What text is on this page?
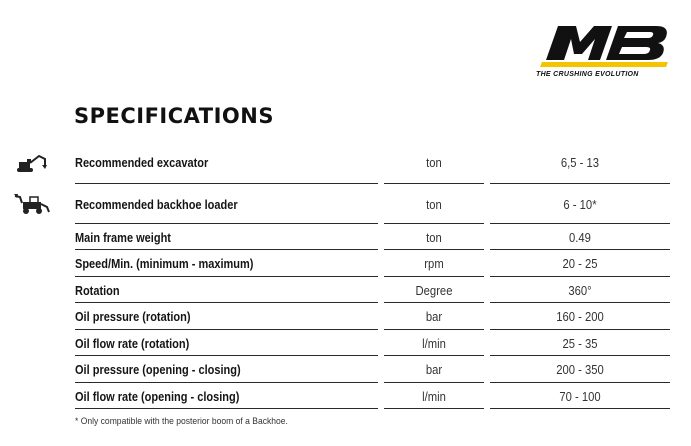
THE CRUSHING EVOLUTION
SPECIFICATIONS
Recommended excavator	ton	6,5 - 13
Recommended backhoe loader	ton	6 - 10*
Main frame weight	ton	0.49
Speed/Min. (minimum - maximum)	rpm	20 - 25
Rotation	Degree	360°
Oil pressure (rotation)	bar	160 - 200
Oil flow rate (rotation)	l/min	25 - 35
Oil pressure (opening - closing)	bar	200 - 350
Oil flow rate (opening - closing)	l/min	70 - 100
* Only compatible with the posterior boom of a Backhoe.
